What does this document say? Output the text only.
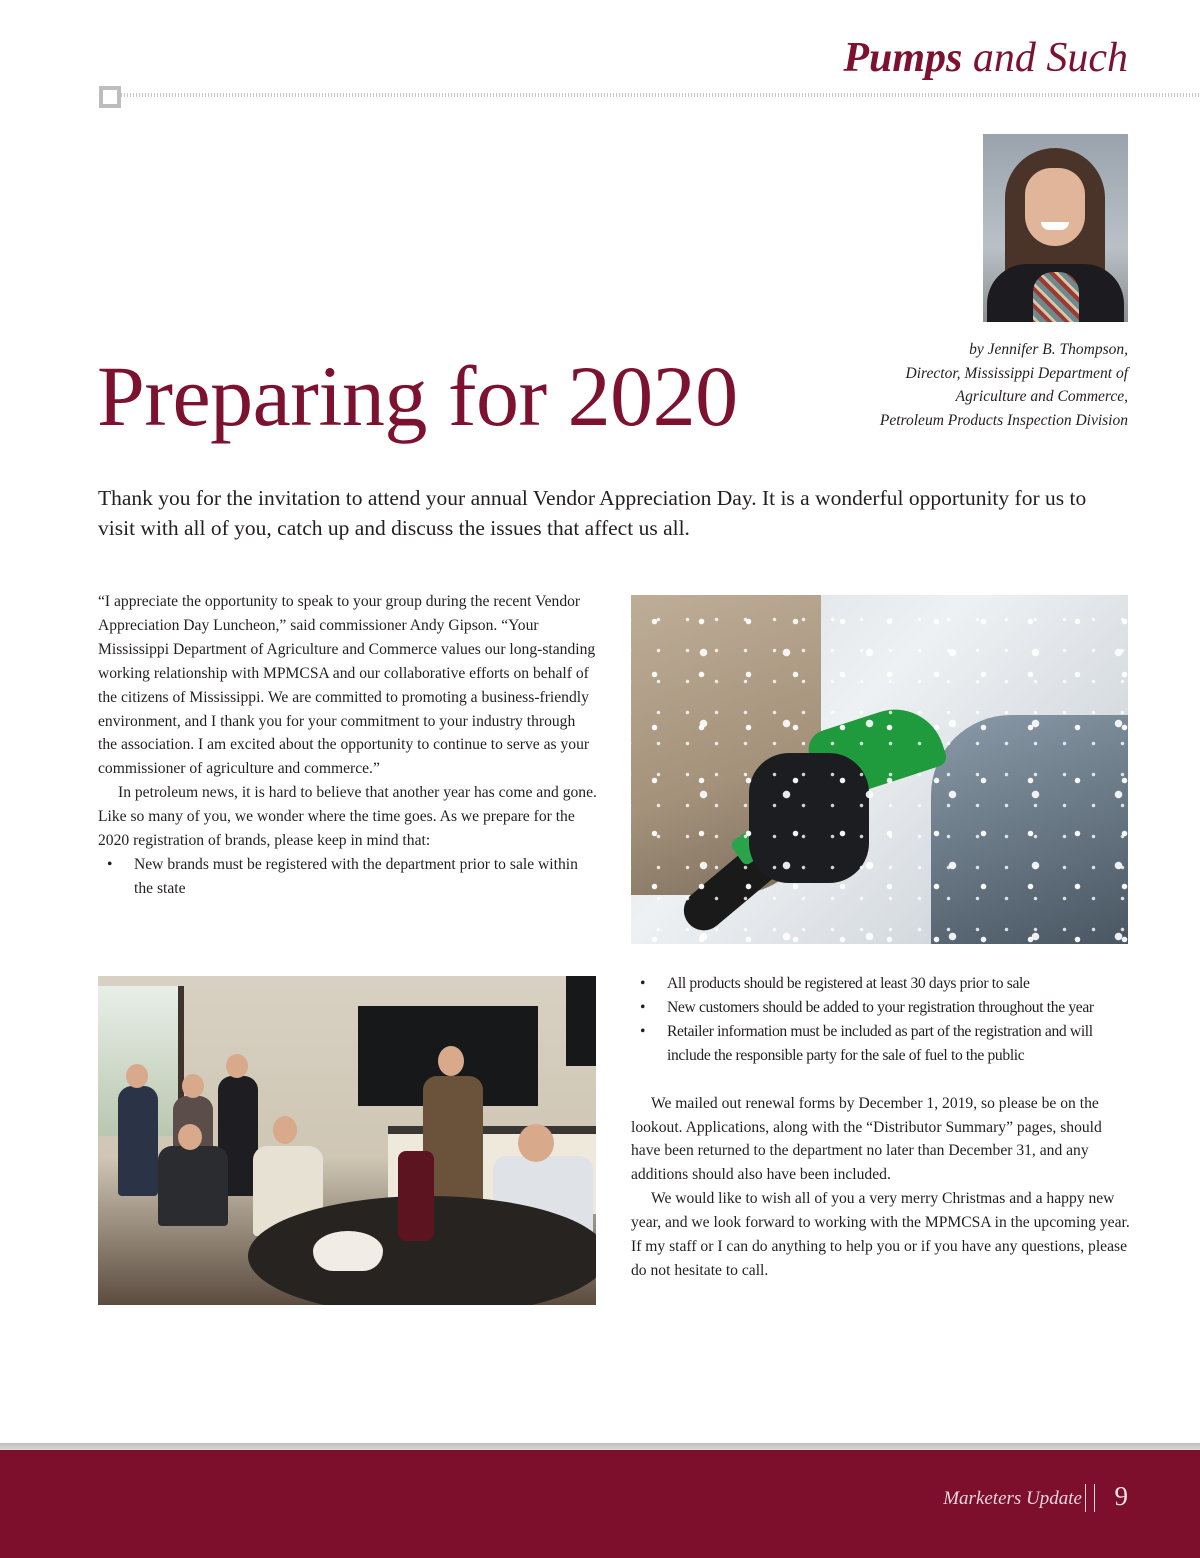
Pumps and Such
by Jennifer B. Thompson,
Director, Mississippi Department of
Agriculture and Commerce,
Petroleum Products Inspection Division
Preparing for 2020

Thank you for the invitation to attend your annual Vendor Appreciation Day. It is a wonderful opportunity for us to visit with all of you, catch up and discuss the issues that affect us all.

“I appreciate the opportunity to speak to your group during the recent Vendor Appreciation Day Luncheon,” said commissioner Andy Gipson. “Your Mississippi Department of Agriculture and Commerce values our long-standing working relationship with MPMCSA and our collaborative efforts on behalf of the citizens of Mississippi. We are committed to promoting a business-friendly environment, and I thank you for your commitment to your industry through the association. I am excited about the opportunity to continue to serve as your commissioner of agriculture and commerce.”

In petroleum news, it is hard to believe that another year has come and gone. Like so many of you, we wonder where the time goes. As we prepare for the 2020 registration of brands, please keep in mind that:

• New brands must be registered with the department prior to sale within the state
• All products should be registered at least 30 days prior to sale
• New customers should be added to your registration throughout the year
• Retailer information must be included as part of the registration and will include the responsible party for the sale of fuel to the public

We mailed out renewal forms by December 1, 2019, so please be on the lookout. Applications, along with the “Distributor Summary” pages, should have been returned to the department no later than December 31, and any additions should also have been included.

We would like to wish all of you a very merry Christmas and a happy new year, and we look forward to working with the MPMCSA in the upcoming year. If my staff or I can do anything to help you or if you have any questions, please do not hesitate to call.

Marketers Update 9
